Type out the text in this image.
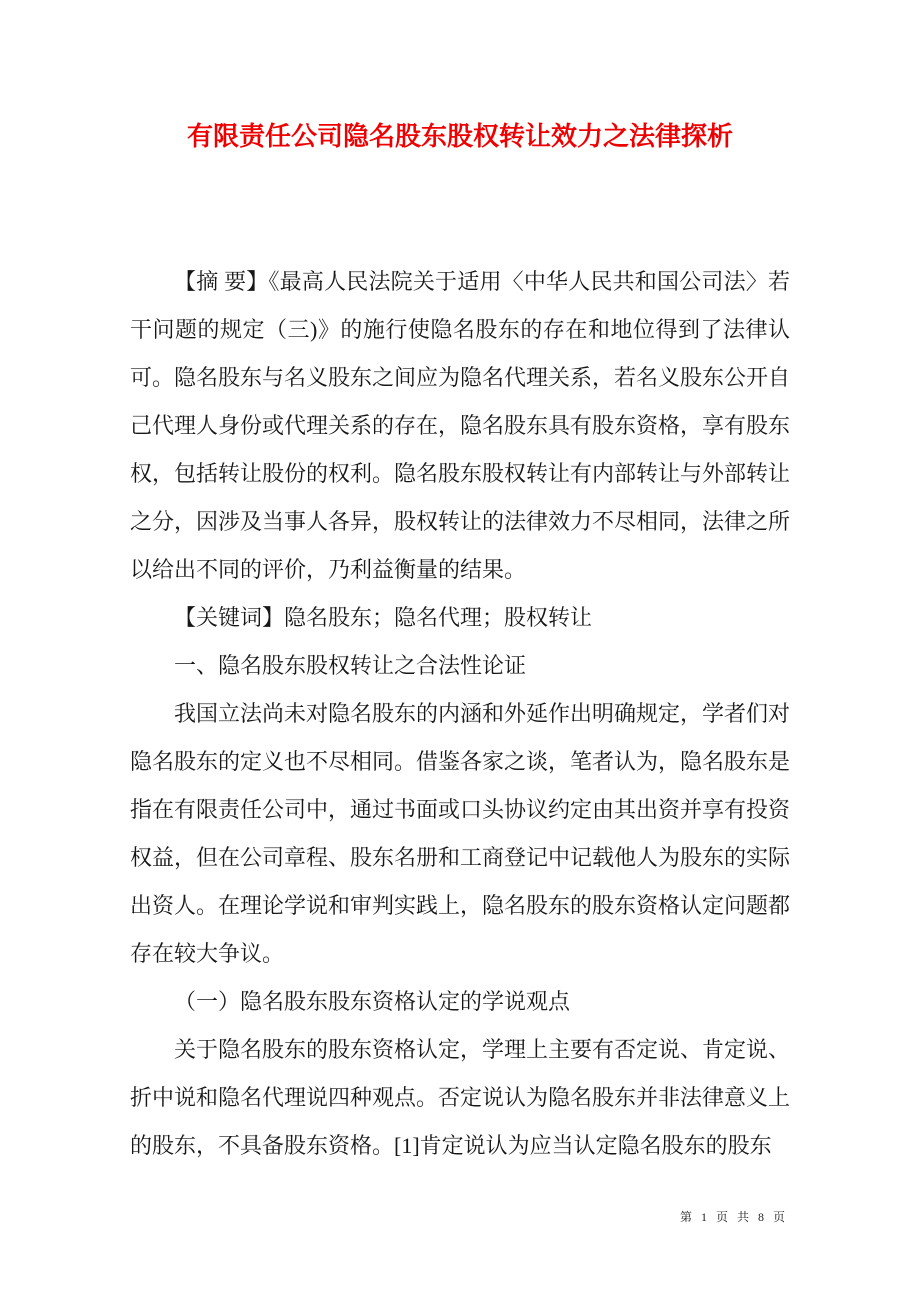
有限责任公司隐名股东股权转让效力之法律探析

【摘 要】《最高人民法院关于适用〈中华人民共和国公司法〉若干问题的规定（三)》的施行使隐名股东的存在和地位得到了法律认可。隐名股东与名义股东之间应为隐名代理关系，若名义股东公开自己代理人身份或代理关系的存在，隐名股东具有股东资格，享有股东权，包括转让股份的权利。隐名股东股权转让有内部转让与外部转让之分，因涉及当事人各异，股权转让的法律效力不尽相同，法律之所以给出不同的评价，乃利益衡量的结果。

【关键词】隐名股东；隐名代理；股权转让

一、隐名股东股权转让之合法性论证

我国立法尚未对隐名股东的内涵和外延作出明确规定，学者们对隐名股东的定义也不尽相同。借鉴各家之谈，笔者认为，隐名股东是指在有限责任公司中，通过书面或口头协议约定由其出资并享有投资权益，但在公司章程、股东名册和工商登记中记载他人为股东的实际出资人。在理论学说和审判实践上，隐名股东的股东资格认定问题都存在较大争议。

（一）隐名股东股东资格认定的学说观点

关于隐名股东的股东资格认定，学理上主要有否定说、肯定说、折中说和隐名代理说四种观点。否定说认为隐名股东并非法律意义上的股东，不具备股东资格。[1]肯定说认为应当认定隐名股东的股东

第 1 页 共 8 页
